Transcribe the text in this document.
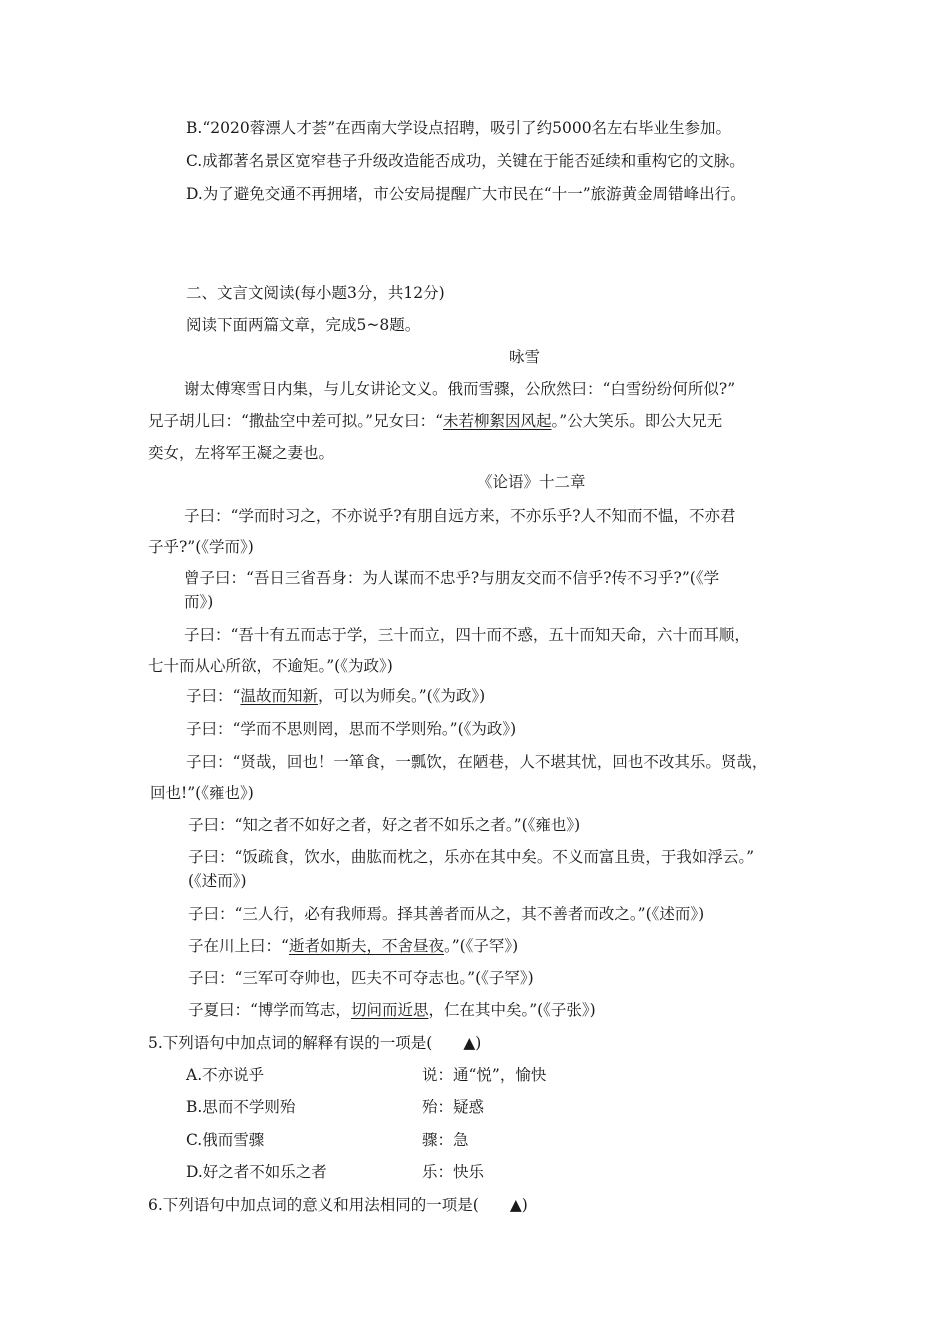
B.“2020蓉漂人才荟”在西南大学设点招聘，吸引了约5000名左右毕业生参加。
C.成都著名景区宽窄巷子升级改造能否成功，关键在于能否延续和重构它的文脉。
D.为了避免交通不再拥堵，市公安局提醒广大市民在“十一”旅游黄金周错峰出行。
二、文言文阅读(每小题3分，共12分)
阅读下面两篇文章，完成5~8题。
咏雪
谢太傅寒雪日内集，与儿女讲论文义。俄而雪骤，公欣然曰：“白雪纷纷何所似?”
兄子胡儿曰：“撒盐空中差可拟。”兄女曰：“未若柳絮因风起。”公大笑乐。即公大兄无
奕女，左将军王凝之妻也。
《论语》十二章
子曰：“学而时习之，不亦说乎?有朋自远方来，不亦乐乎?人不知而不愠，不亦君
子乎?”(《学而》)
曾子曰：“吾日三省吾身：为人谋而不忠乎?与朋友交而不信乎?传不习乎?”(《学
而》)
子曰：“吾十有五而志于学，三十而立，四十而不惑，五十而知天命，六十而耳顺，
七十而从心所欲，不逾矩。”(《为政》)
子曰：“温故而知新，可以为师矣。”(《为政》)
子曰：“学而不思则罔，思而不学则殆。”(《为政》)
子曰：“贤哉，回也！一箪食，一瓢饮，在陋巷，人不堪其忧，回也不改其乐。贤哉，
回也!”(《雍也》)
子曰：“知之者不如好之者，好之者不如乐之者。”(《雍也》)
子曰：“饭疏食，饮水，曲肱而枕之，乐亦在其中矣。不义而富且贵，于我如浮云。”
(《述而》)
子曰：“三人行，必有我师焉。择其善者而从之，其不善者而改之。”(《述而》)
子在川上曰：“逝者如斯夫，不舍昼夜。”(《子罕》)
子曰：“三军可夺帅也，匹夫不可夺志也。”(《子罕》)
子夏曰：“博学而笃志，切问而近思，仁在其中矣。”(《子张》)
5.下列语句中加点词的解释有误的一项是(　　▲)
A.不亦说乎	说：通“悦”，愉快
B.思而不学则殆	殆：疑惑
C.俄而雪骤	骤：急
D.好之者不如乐之者	乐：快乐
6.下列语句中加点词的意义和用法相同的一项是(　　▲)
